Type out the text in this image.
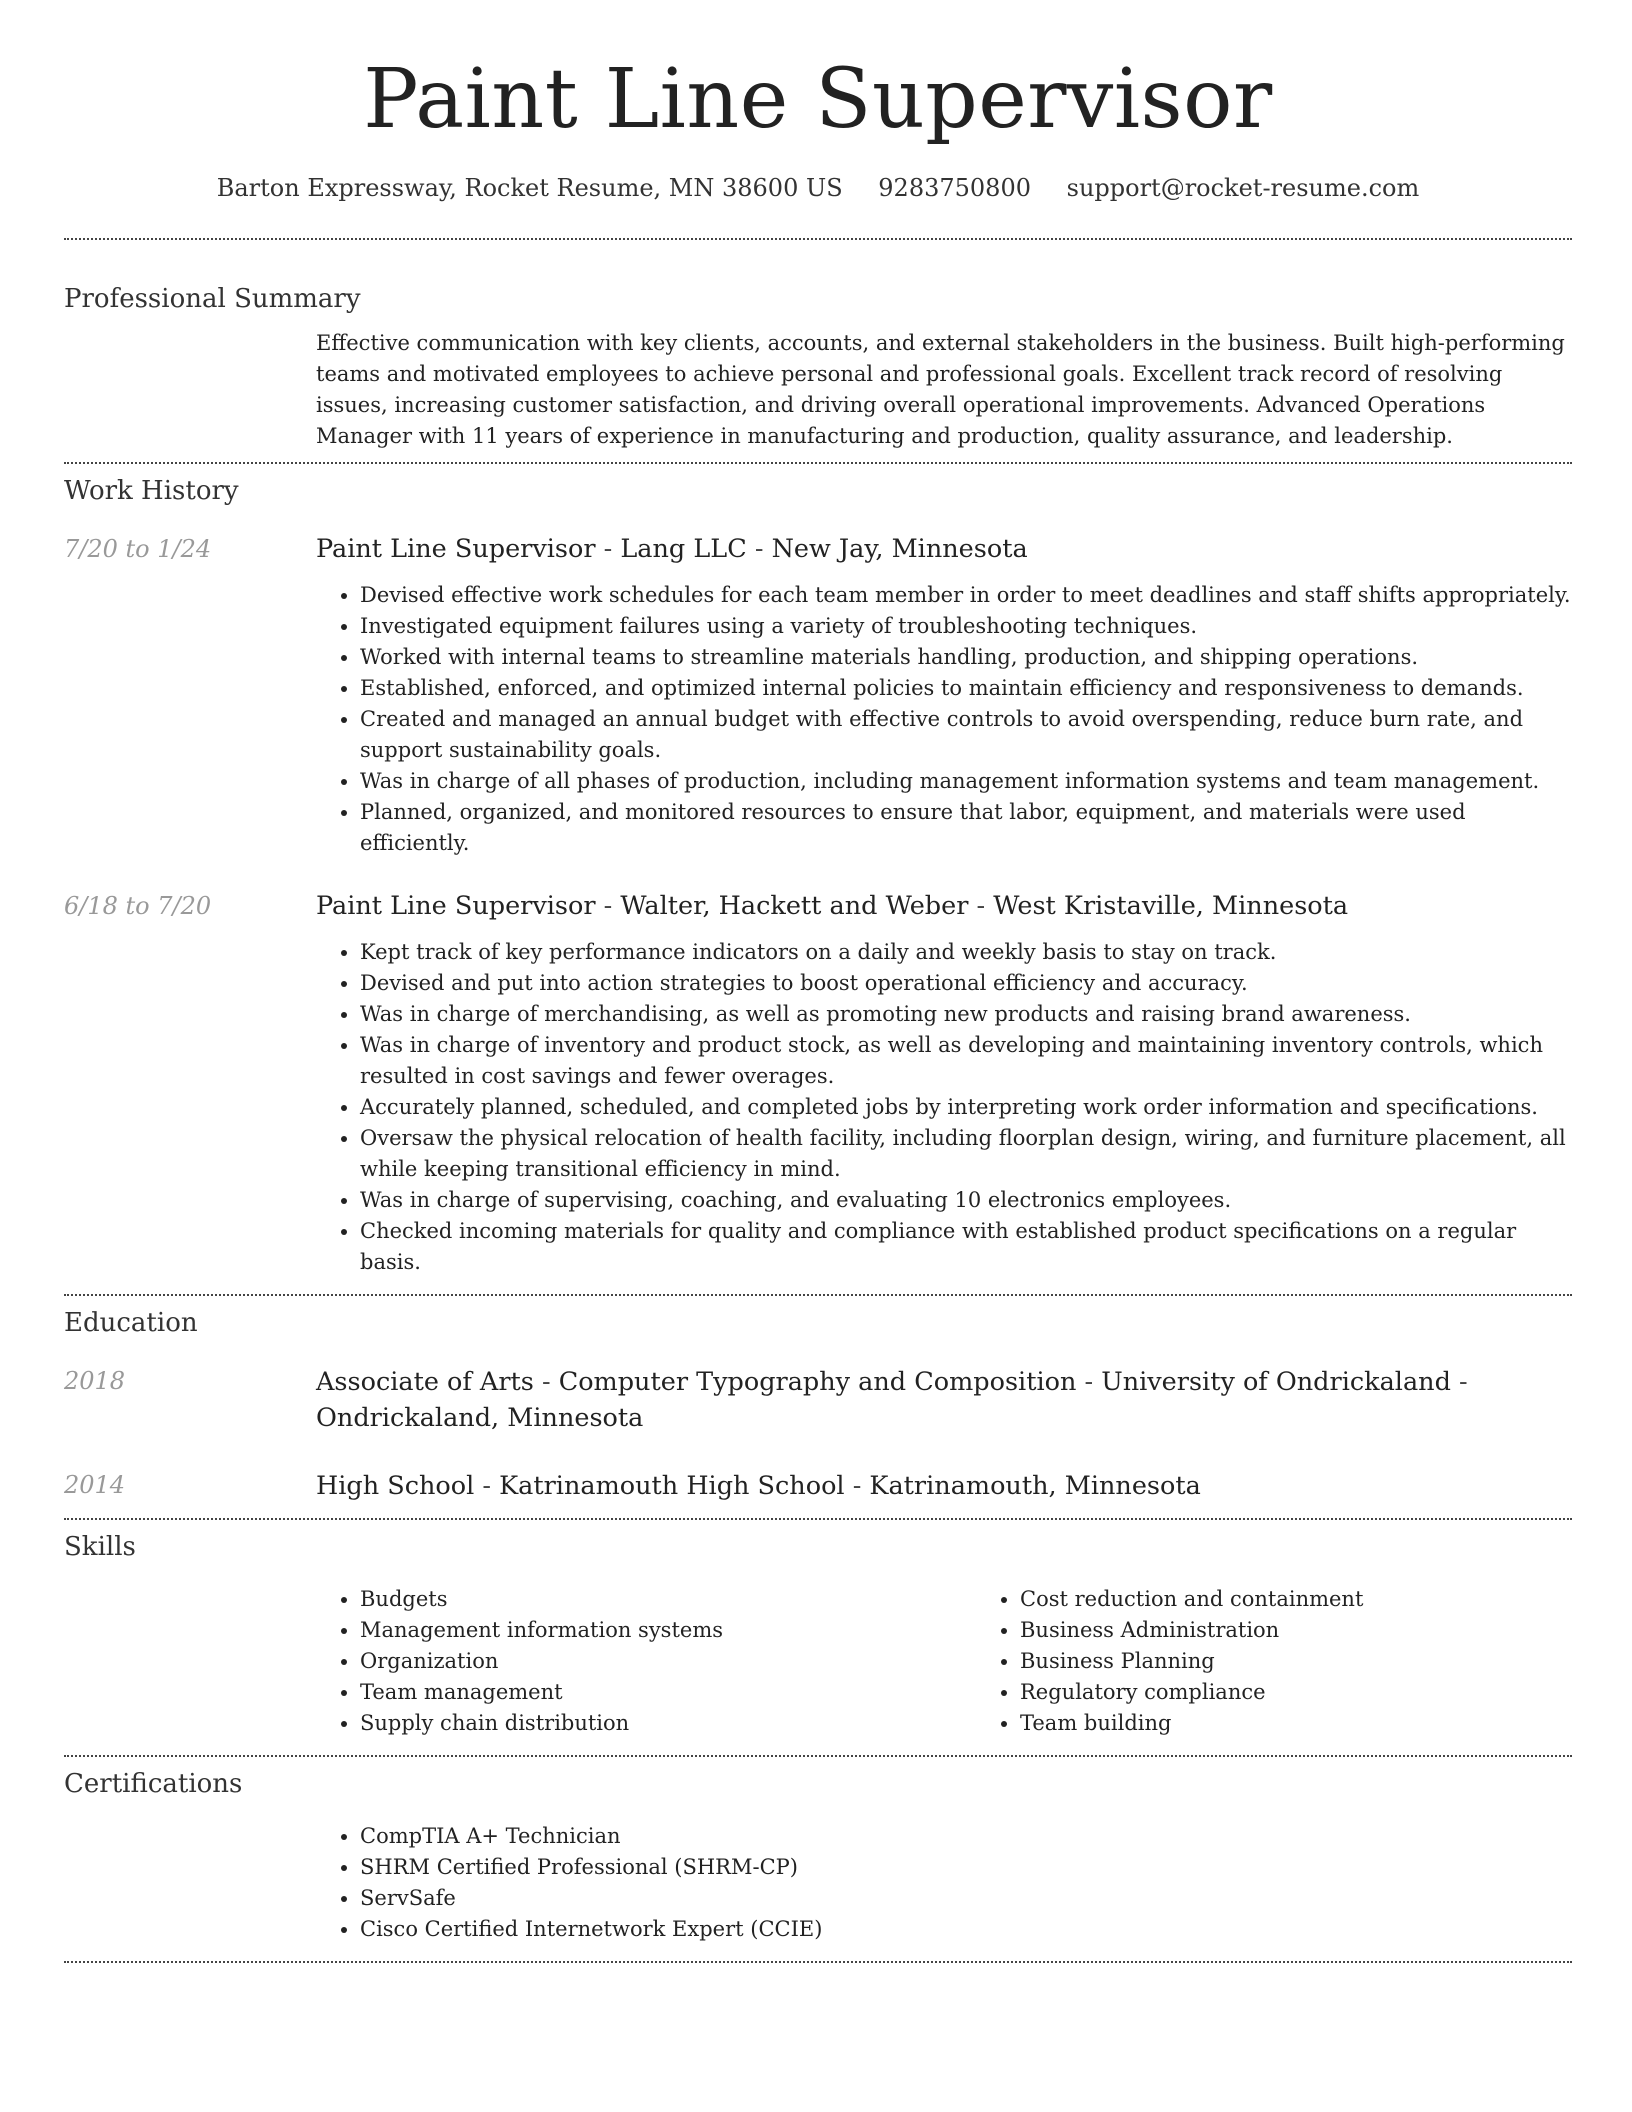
Paint Line Supervisor
Barton Expressway, Rocket Resume, MN 38600 US 9283750800 support@rocket-resume.com
Professional Summary
Effective communication with key clients, accounts, and external stakeholders in the business. Built high-performing teams and motivated employees to achieve personal and professional goals. Excellent track record of resolving issues, increasing customer satisfaction, and driving overall operational improvements. Advanced Operations Manager with 11 years of experience in manufacturing and production, quality assurance, and leadership.
Work History
7/20 to 1/24	Paint Line Supervisor - Lang LLC - New Jay, Minnesota
• Devised effective work schedules for each team member in order to meet deadlines and staff shifts appropriately.
• Investigated equipment failures using a variety of troubleshooting techniques.
• Worked with internal teams to streamline materials handling, production, and shipping operations.
• Established, enforced, and optimized internal policies to maintain efficiency and responsiveness to demands.
• Created and managed an annual budget with effective controls to avoid overspending, reduce burn rate, and support sustainability goals.
• Was in charge of all phases of production, including management information systems and team management.
• Planned, organized, and monitored resources to ensure that labor, equipment, and materials were used efficiently.
6/18 to 7/20	Paint Line Supervisor - Walter, Hackett and Weber - West Kristaville, Minnesota
• Kept track of key performance indicators on a daily and weekly basis to stay on track.
• Devised and put into action strategies to boost operational efficiency and accuracy.
• Was in charge of merchandising, as well as promoting new products and raising brand awareness.
• Was in charge of inventory and product stock, as well as developing and maintaining inventory controls, which resulted in cost savings and fewer overages.
• Accurately planned, scheduled, and completed jobs by interpreting work order information and specifications.
• Oversaw the physical relocation of health facility, including floorplan design, wiring, and furniture placement, all while keeping transitional efficiency in mind.
• Was in charge of supervising, coaching, and evaluating 10 electronics employees.
• Checked incoming materials for quality and compliance with established product specifications on a regular basis.
Education
2018	Associate of Arts - Computer Typography and Composition - University of Ondrickaland - Ondrickaland, Minnesota
2014	High School - Katrinamouth High School - Katrinamouth, Minnesota
Skills
• Budgets
• Management information systems
• Organization
• Team management
• Supply chain distribution
• Cost reduction and containment
• Business Administration
• Business Planning
• Regulatory compliance
• Team building
Certifications
• CompTIA A+ Technician
• SHRM Certified Professional (SHRM-CP)
• ServSafe
• Cisco Certified Internetwork Expert (CCIE)
